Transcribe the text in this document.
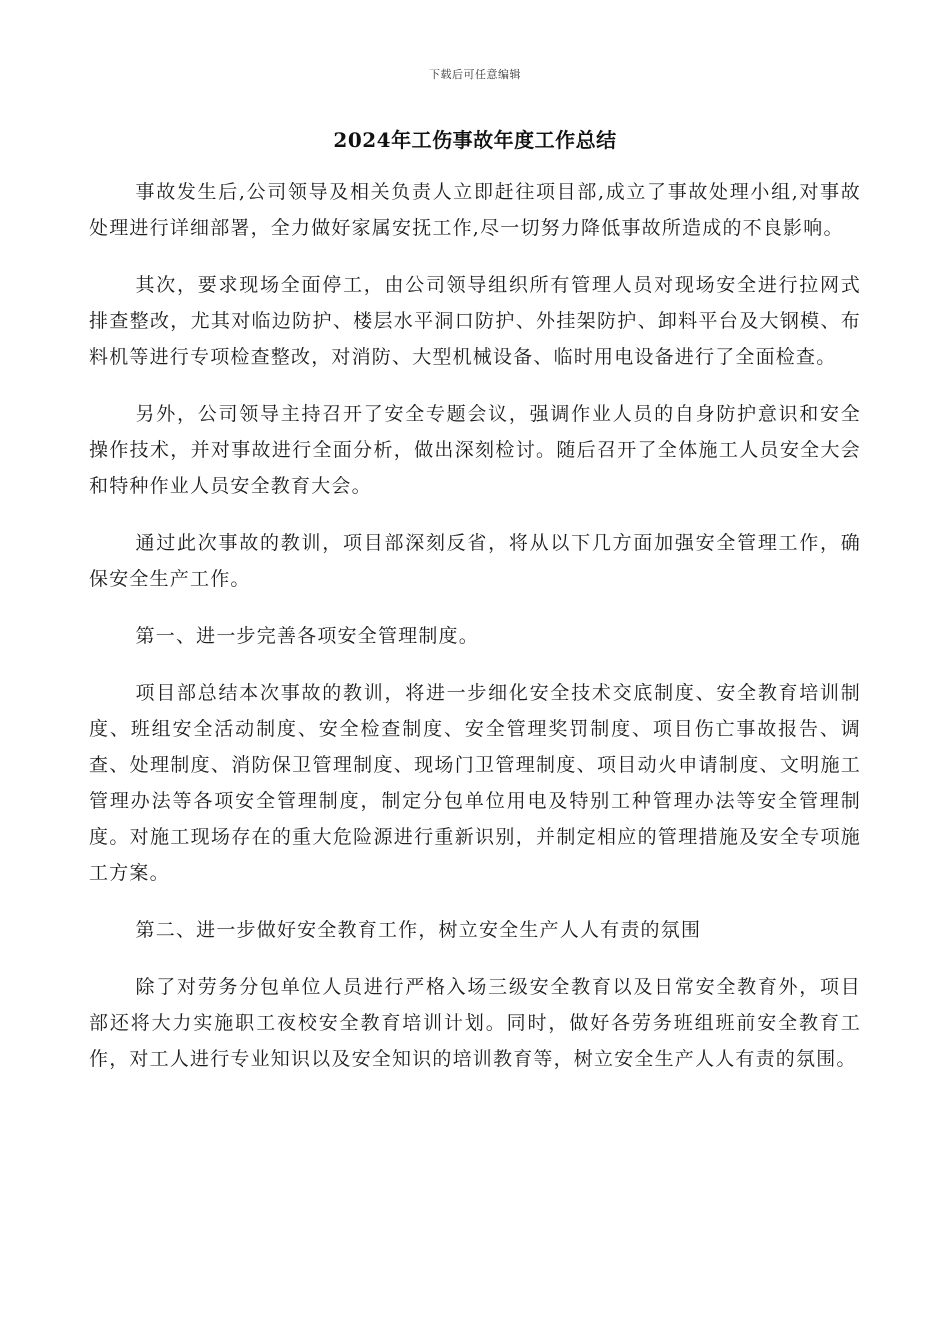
下载后可任意编辑
2024年工伤事故年度工作总结

事故发生后,公司领导及相关负责人立即赶往项目部,成立了事故处理小组,对事故处理进行详细部署，全力做好家属安抚工作,尽一切努力降低事故所造成的不良影响。

其次，要求现场全面停工，由公司领导组织所有管理人员对现场安全进行拉网式排查整改，尤其对临边防护、楼层水平洞口防护、外挂架防护、卸料平台及大钢模、布料机等进行专项检查整改，对消防、大型机械设备、临时用电设备进行了全面检查。

另外，公司领导主持召开了安全专题会议，强调作业人员的自身防护意识和安全操作技术，并对事故进行全面分析，做出深刻检讨。随后召开了全体施工人员安全大会和特种作业人员安全教育大会。

通过此次事故的教训，项目部深刻反省，将从以下几方面加强安全管理工作，确保安全生产工作。

第一、进一步完善各项安全管理制度。

项目部总结本次事故的教训，将进一步细化安全技术交底制度、安全教育培训制度、班组安全活动制度、安全检查制度、安全管理奖罚制度、项目伤亡事故报告、调查、处理制度、消防保卫管理制度、现场门卫管理制度、项目动火申请制度、文明施工管理办法等各项安全管理制度，制定分包单位用电及特别工种管理办法等安全管理制度。对施工现场存在的重大危险源进行重新识别，并制定相应的管理措施及安全专项施工方案。

第二、进一步做好安全教育工作，树立安全生产人人有责的氛围

除了对劳务分包单位人员进行严格入场三级安全教育以及日常安全教育外，项目部还将大力实施职工夜校安全教育培训计划。同时，做好各劳务班组班前安全教育工作，对工人进行专业知识以及安全知识的培训教育等，树立安全生产人人有责的氛围。
